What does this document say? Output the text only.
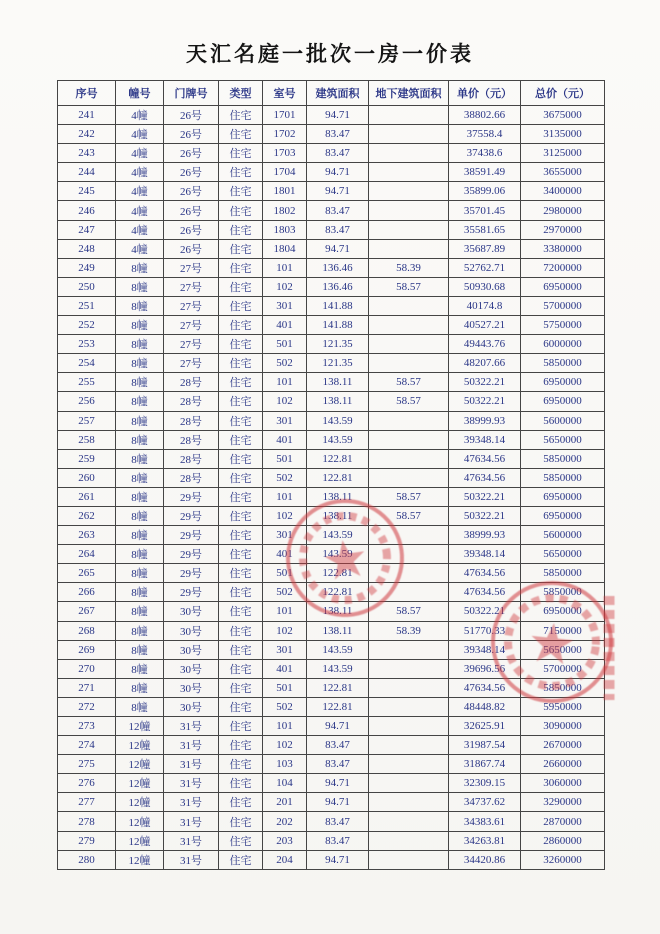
天汇名庭一批次一房一价表
序号	幢号	门牌号	类型	室号	建筑面积	地下建筑面积	单价（元）	总价（元）
241	4幢	26号	住宅	1701	94.71		38802.66	3675000
242	4幢	26号	住宅	1702	83.47		37558.4	3135000
243	4幢	26号	住宅	1703	83.47		37438.6	3125000
244	4幢	26号	住宅	1704	94.71		38591.49	3655000
245	4幢	26号	住宅	1801	94.71		35899.06	3400000
246	4幢	26号	住宅	1802	83.47		35701.45	2980000
247	4幢	26号	住宅	1803	83.47		35581.65	2970000
248	4幢	26号	住宅	1804	94.71		35687.89	3380000
249	8幢	27号	住宅	101	136.46	58.39	52762.71	7200000
250	8幢	27号	住宅	102	136.46	58.57	50930.68	6950000
251	8幢	27号	住宅	301	141.88		40174.8	5700000
252	8幢	27号	住宅	401	141.88		40527.21	5750000
253	8幢	27号	住宅	501	121.35		49443.76	6000000
254	8幢	27号	住宅	502	121.35		48207.66	5850000
255	8幢	28号	住宅	101	138.11	58.57	50322.21	6950000
256	8幢	28号	住宅	102	138.11	58.57	50322.21	6950000
257	8幢	28号	住宅	301	143.59		38999.93	5600000
258	8幢	28号	住宅	401	143.59		39348.14	5650000
259	8幢	28号	住宅	501	122.81		47634.56	5850000
260	8幢	28号	住宅	502	122.81		47634.56	5850000
261	8幢	29号	住宅	101	138.11	58.57	50322.21	6950000
262	8幢	29号	住宅	102	138.11	58.57	50322.21	6950000
263	8幢	29号	住宅	301	143.59		38999.93	5600000
264	8幢	29号	住宅	401	143.59		39348.14	5650000
265	8幢	29号	住宅	501	122.81		47634.56	5850000
266	8幢	29号	住宅	502	122.81		47634.56	5850000
267	8幢	30号	住宅	101	138.11	58.57	50322.21	6950000
268	8幢	30号	住宅	102	138.11	58.39	51770.33	7150000
269	8幢	30号	住宅	301	143.59		39348.14	5650000
270	8幢	30号	住宅	401	143.59		39696.56	5700000
271	8幢	30号	住宅	501	122.81		47634.56	5850000
272	8幢	30号	住宅	502	122.81		48448.82	5950000
273	12幢	31号	住宅	101	94.71		32625.91	3090000
274	12幢	31号	住宅	102	83.47		31987.54	2670000
275	12幢	31号	住宅	103	83.47		31867.74	2660000
276	12幢	31号	住宅	104	94.71		32309.15	3060000
277	12幢	31号	住宅	201	94.71		34737.62	3290000
278	12幢	31号	住宅	202	83.47		34383.61	2870000
279	12幢	31号	住宅	203	83.47		34263.81	2860000
280	12幢	31号	住宅	204	94.71		34420.86	3260000
